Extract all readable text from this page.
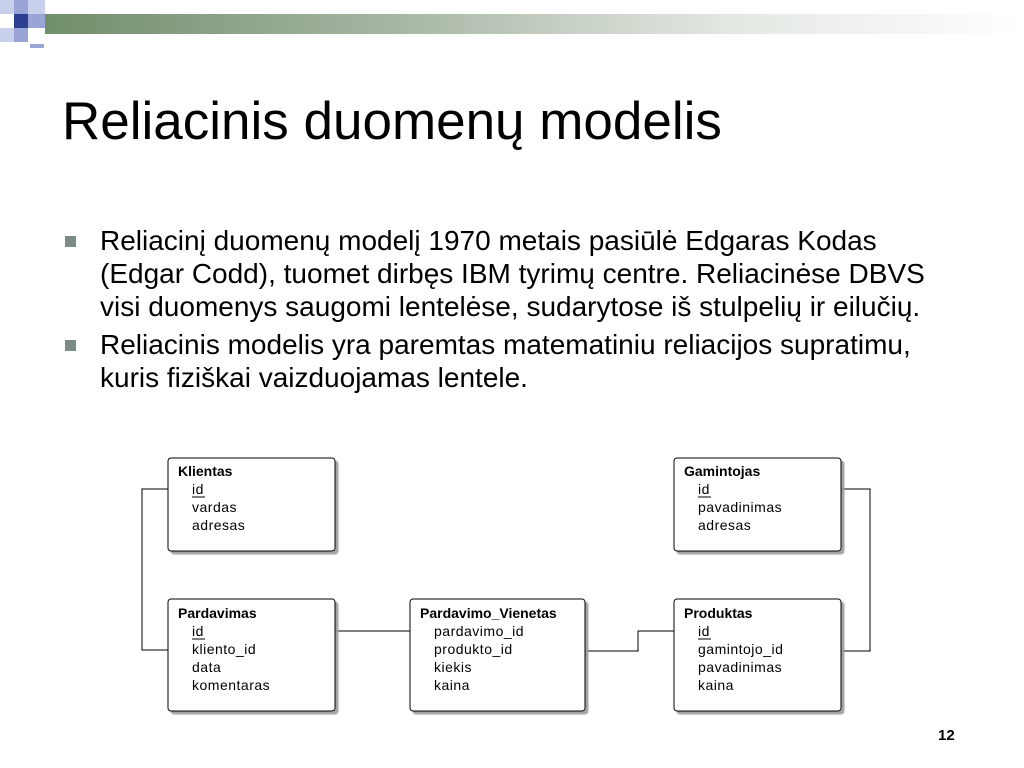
Reliacinis duomenų modelis
Reliacinį duomenų modelį 1970 metais pasiūlė Edgaras Kodas (Edgar Codd), tuomet dirbęs IBM tyrimų centre. Reliacinėse DBVS visi duomenys saugomi lentelėse, sudarytose iš stulpelių ir eilučių.
Reliacinis modelis yra paremtas matematiniu reliacijos supratimu, kuris fiziškai vaizduojamas lentele.
Klientas
id
vardas
adresas
Gamintojas
id
pavadinimas
adresas
Pardavimas
id
kliento_id
data
komentaras
Pardavimo_Vienetas
pardavimo_id
produkto_id
kiekis
kaina
Produktas
id
gamintojo_id
pavadinimas
kaina
12
